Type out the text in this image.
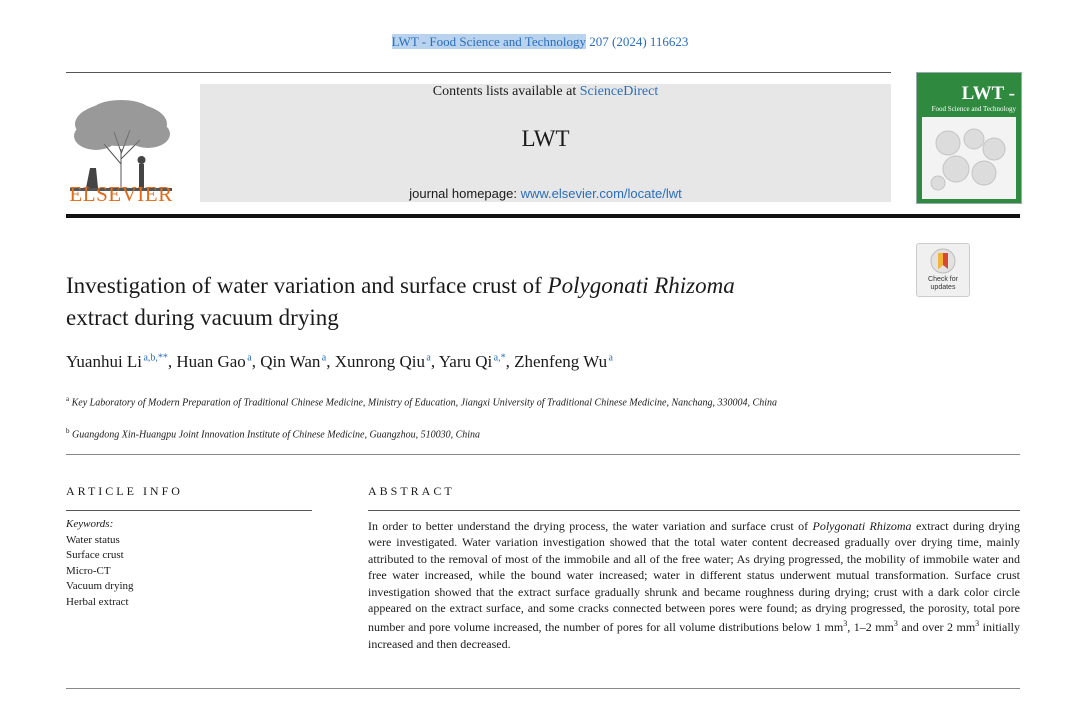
LWT - Food Science and Technology 207 (2024) 116623
ELSEVIER
Contents lists available at ScienceDirect
LWT
journal homepage: www.elsevier.com/locate/lwt
LWT -
Food Science and Technology
Check for
updates
Investigation of water variation and surface crust of Polygonati Rhizoma
extract during vacuum drying
Yuanhui Li $^{a,b,**}$, Huan Gao $^a$, Qin Wan $^a$, Xunrong Qiu $^a$, Yaru Qi $^{a,*}$, Zhenfeng Wu $^a$
$^a$ Key Laboratory of Modern Preparation of Traditional Chinese Medicine, Ministry of Education, Jiangxi University of Traditional Chinese Medicine, Nanchang, 330004, China
$^b$ Guangdong Xin-Huangpu Joint Innovation Institute of Chinese Medicine, Guangzhou, 510030, China
ARTICLE INFO
Keywords:
Water status
Surface crust
Micro-CT
Vacuum drying
Herbal extract
ABSTRACT
In order to better understand the drying process, the water variation and surface crust of Polygonati Rhizoma extract during drying were investigated. Water variation investigation showed that the total water content decreased gradually over drying time, mainly attributed to the removal of most of the immobile and all of the free water; As drying progressed, the mobility of immobile water and free water increased, while the bound water increased; water in different status underwent mutual transformation. Surface crust investigation showed that the extract surface gradually shrunk and became roughness during drying; crust with a dark color circle appeared on the extract surface, and some cracks connected between pores were found; as drying progressed, the porosity, total pore number and pore volume increased, the number of pores for all volume distributions below 1 $mm^3$, 1–2 $mm^3$ and over 2 $mm^3$ initially increased and then decreased.
